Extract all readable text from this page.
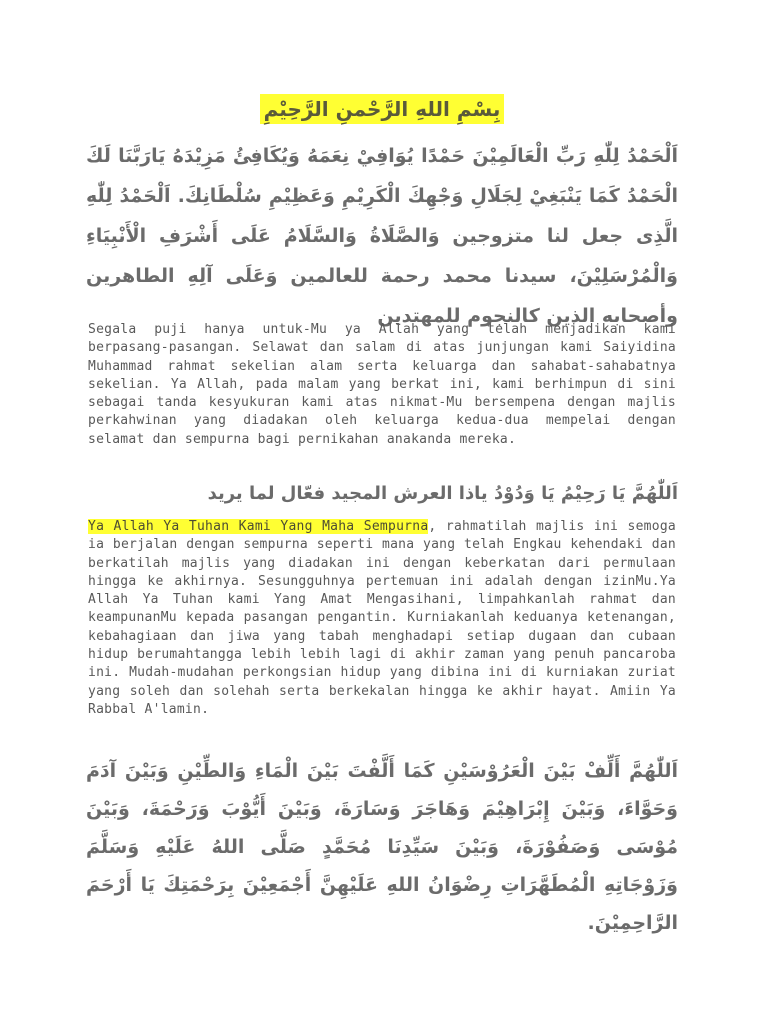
بِسْمِ اللهِ الرَّحْمنِ الرَّحِيْمِ
اَلْحَمْدُ لِلّٰهِ رَبِّ الْعَالَمِيْنَ حَمْدًا يُوَافِيْ نِعَمَهُ وَيُكَافِئُ مَزِيْدَهُ يَارَبَّنَا لَكَ الْحَمْدُ كَمَا يَنْبَغِيْ لِجَلَالِ وَجْهِكَ الْكَرِيْمِ وَعَظِيْمِ سُلْطَانِكَ. اَلْحَمْدُ لِلّٰهِ الَّذِى جعل لنا متزوجين وَالصَّلَاةُ وَالسَّلَامُ عَلَى أَشْرَفِ الْأَنْبِيَاءِ وَالْمُرْسَلِيْنَ، سيدنا محمد رحمة للعالمين وَعَلَى آلِهِ الطاهرين وأصحابه الذين كالنجوم للمهتدين
Segala puji hanya untuk-Mu ya Allah yang telah menjadikan kami berpasang-pasangan. Selawat dan salam di atas junjungan kami Saiyidina Muhammad rahmat sekelian alam serta keluarga dan sahabat-sahabatnya sekelian. Ya Allah, pada malam yang berkat ini, kami berhimpun di sini sebagai tanda kesyukuran kami atas nikmat-Mu bersempena dengan majlis perkahwinan yang diadakan oleh keluarga kedua-dua mempelai dengan selamat dan sempurna bagi pernikahan anakanda mereka.
اَللّٰهُمَّ يَا رَحِيْمُ يَا وَدُوْدُ ياذا العرش المجيد فعّال لما يريد
Ya Allah Ya Tuhan Kami Yang Maha Sempurna, rahmatilah majlis ini semoga ia berjalan dengan sempurna seperti mana yang telah Engkau kehendaki dan berkatilah majlis yang diadakan ini dengan keberkatan dari permulaan hingga ke akhirnya. Sesungguhnya pertemuan ini adalah dengan izinMu.Ya Allah Ya Tuhan kami Yang Amat Mengasihani, limpahkanlah rahmat dan keampunanMu kepada pasangan pengantin. Kurniakanlah keduanya ketenangan, kebahagiaan dan jiwa yang tabah menghadapi setiap dugaan dan cubaan hidup berumahtangga lebih lebih lagi di akhir zaman yang penuh pancaroba ini. Mudah-mudahan perkongsian hidup yang dibina ini di kurniakan zuriat yang soleh dan solehah serta berkekalan hingga ke akhir hayat. Amiin Ya Rabbal A'lamin.
اَللّٰهُمَّ أَلِّفْ بَيْنَ الْعَرُوْسَيْنِ كَمَا أَلَّفْتَ بَيْنَ الْمَاءِ وَالطِّيْنِ وَبَيْنَ آدَمَ وَحَوَّاءَ، وَبَيْنَ إِبْرَاهِيْمَ وَهَاجَرَ وَسَارَةَ، وَبَيْنَ أَيُّوْبَ وَرَحْمَةَ، وَبَيْنَ مُوْسَى وَصَفُوْرَةَ، وَبَيْنَ سَيِّدِنَا مُحَمَّدٍ صَلَّى اللهُ عَلَيْهِ وَسَلَّمَ وَزَوْجَاتِهِ الْمُطَهَّرَاتِ رِضْوَانُ اللهِ عَلَيْهِنَّ أَجْمَعِيْنَ بِرَحْمَتِكَ يَا أَرْحَمَ الرَّاحِمِيْنَ.
